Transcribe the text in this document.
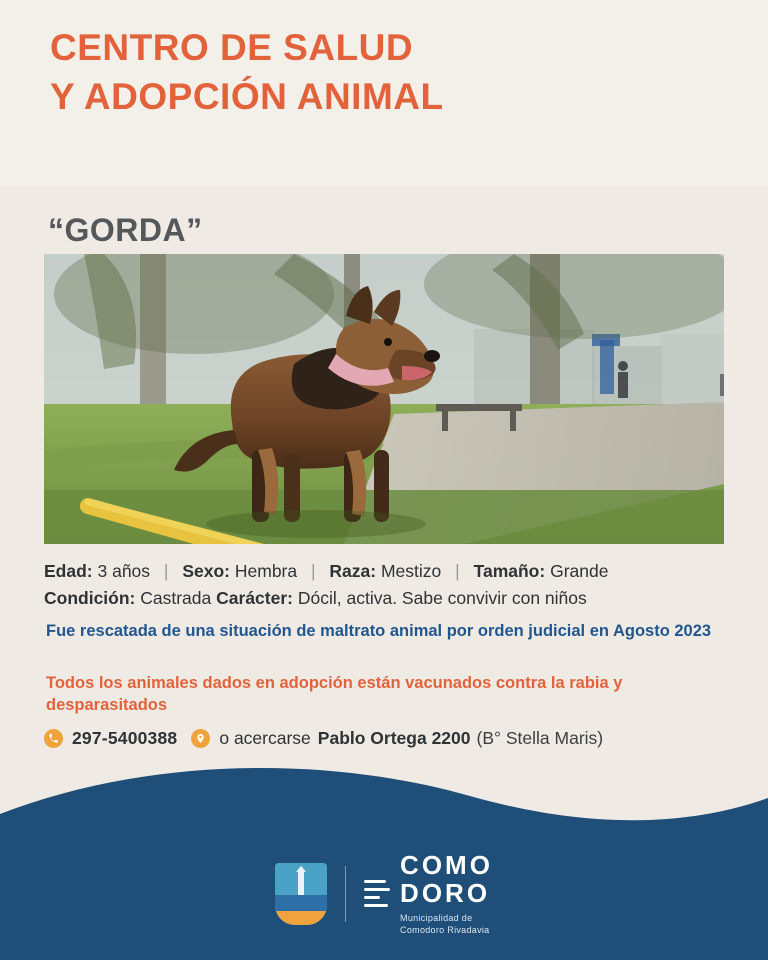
CENTRO DE SALUD
Y ADOPCIÓN ANIMAL
“GORDA”
Edad: 3 años | Sexo: Hembra | Raza: Mestizo | Tamaño: Grande
Condición: Castrada Carácter: Dócil, activa. Sabe convivir con niños
Fue rescatada de una situación de maltrato animal por orden judicial en Agosto 2023
Todos los animales dados en adopción están vacunados contra la rabia y desparasitados
297-5400388 o acercarse Pablo Ortega 2200 (B° Stella Maris)
COMO
DORO
Municipalidad de
Comodoro Rivadavia
